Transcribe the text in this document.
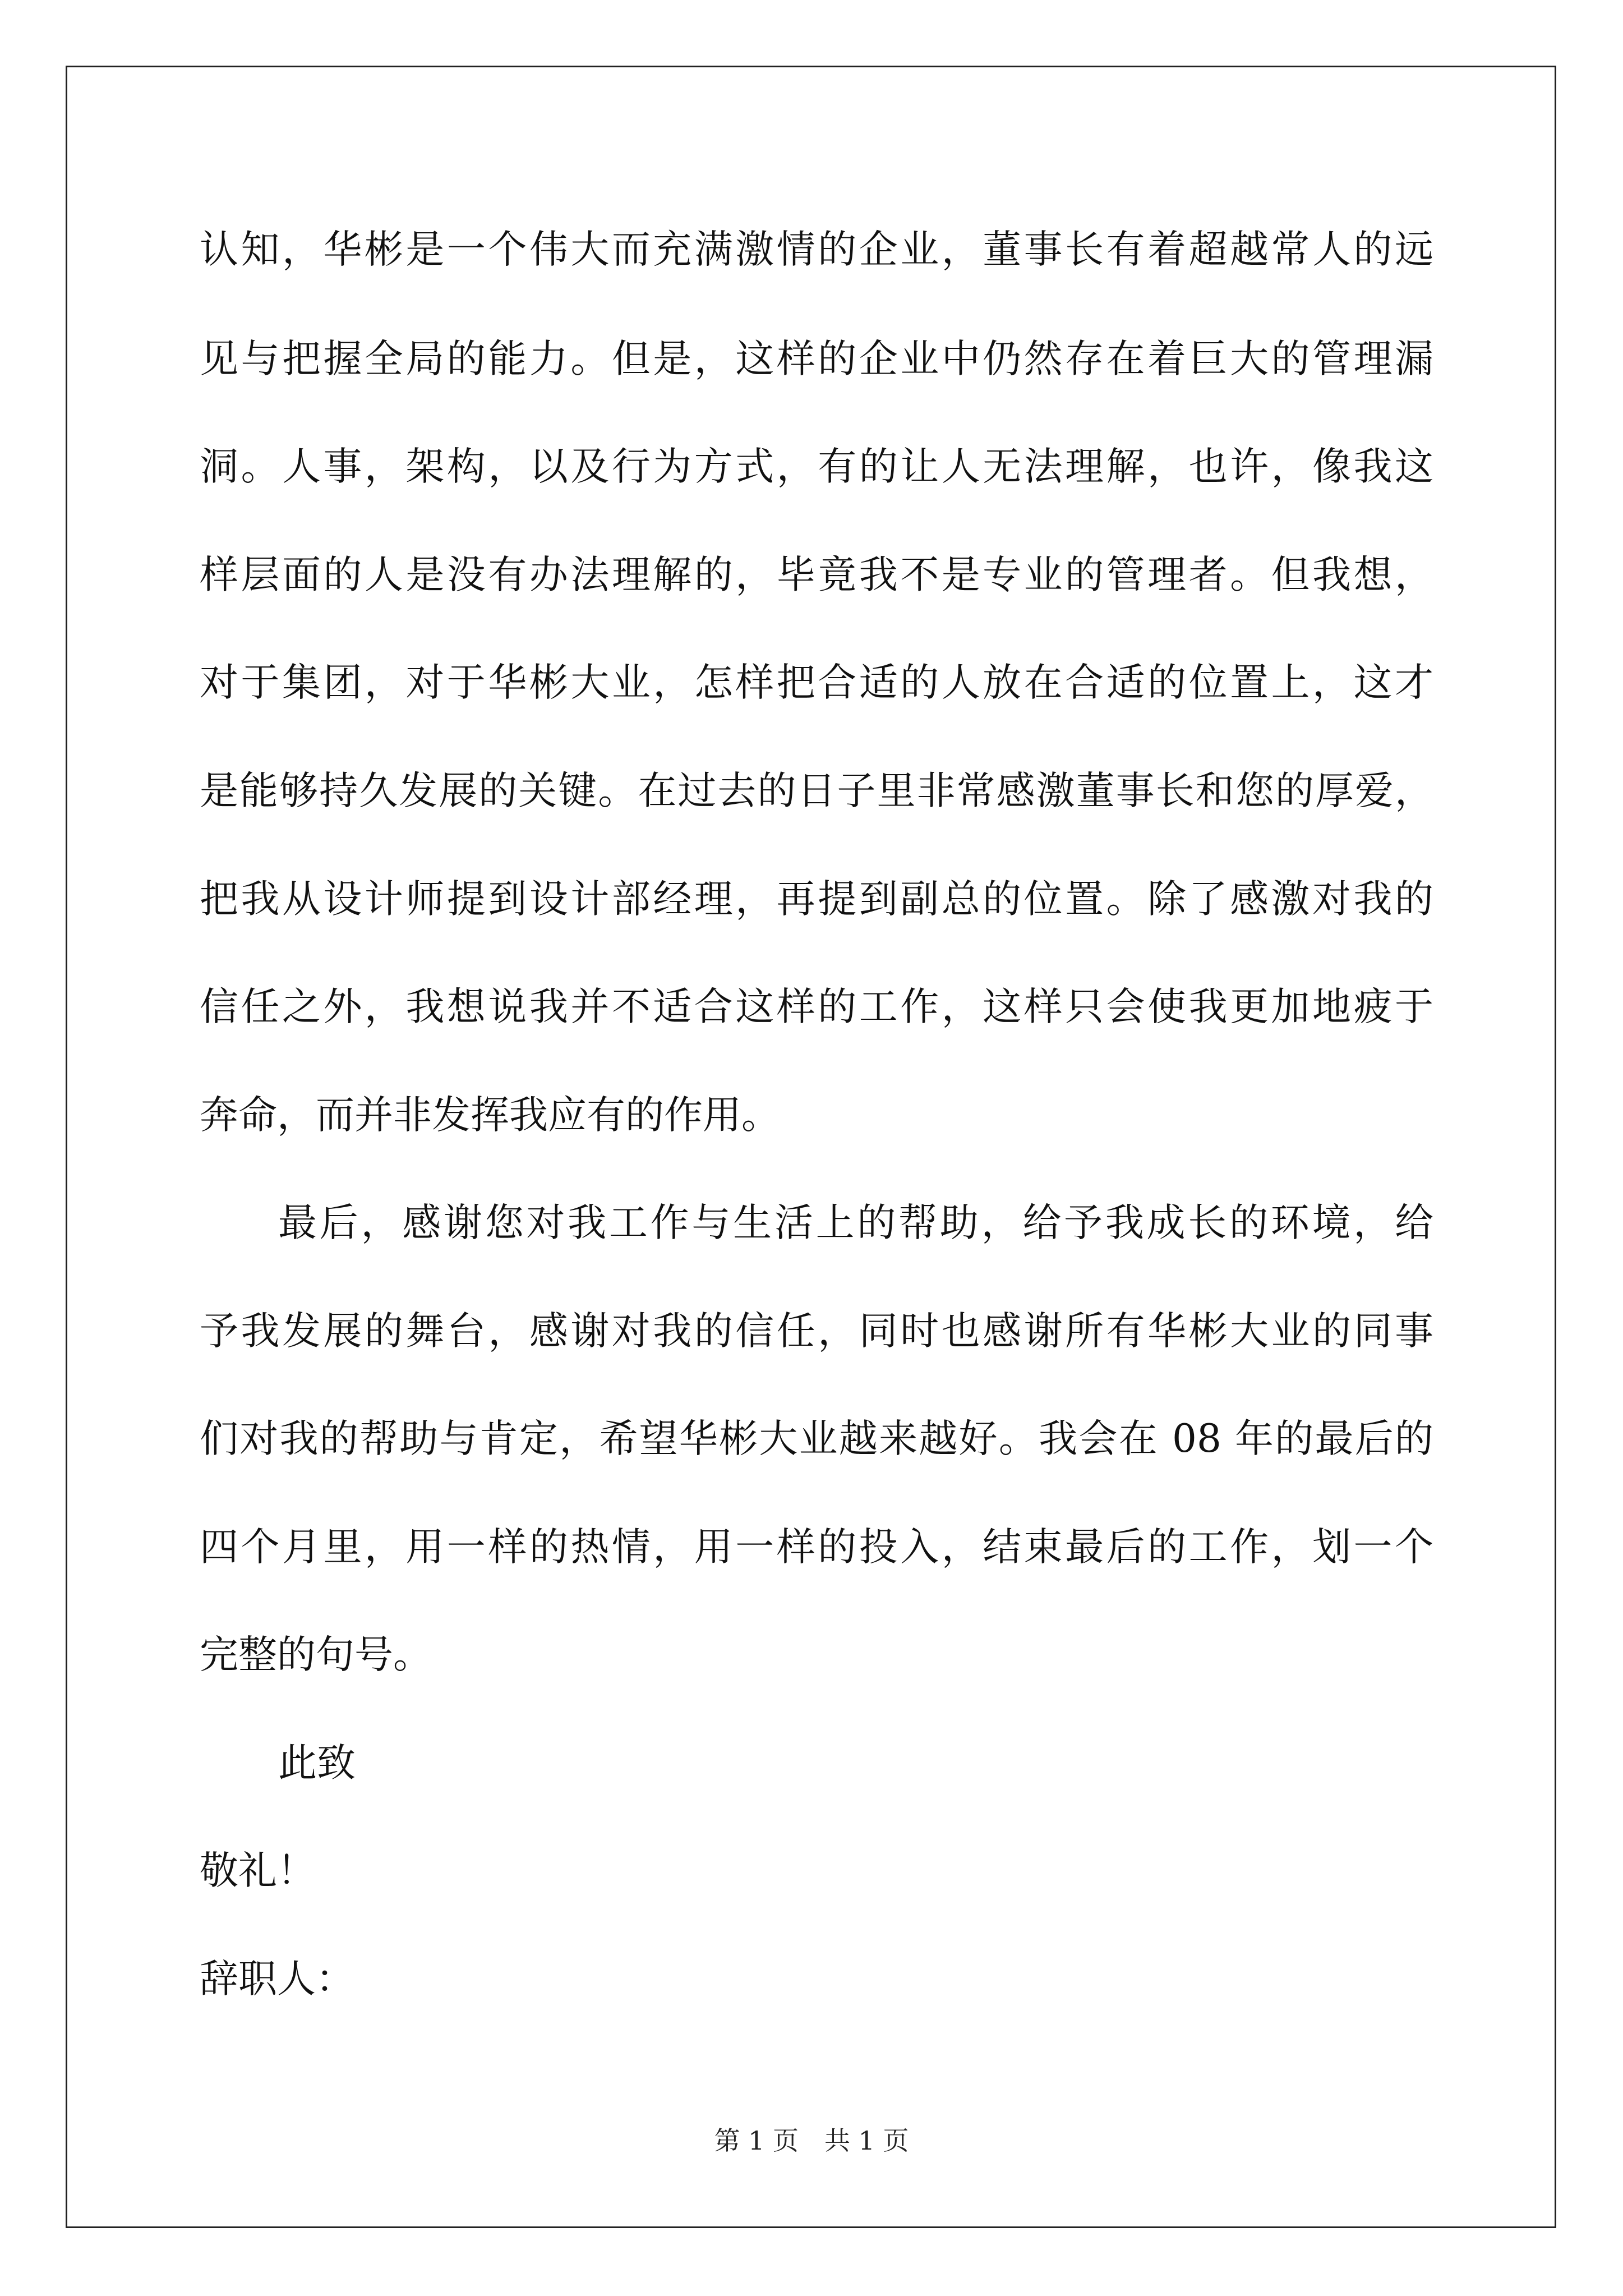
认知，华彬是一个伟大而充满激情的企业，董事长有着超越常人的远
见与把握全局的能力。但是，这样的企业中仍然存在着巨大的管理漏
洞。人事，架构，以及行为方式，有的让人无法理解，也许，像我这
样层面的人是没有办法理解的，毕竟我不是专业的管理者。但我想，
对于集团，对于华彬大业，怎样把合适的人放在合适的位置上，这才
是能够持久发展的关键。在过去的日子里非常感激董事长和您的厚爱，
把我从设计师提到设计部经理，再提到副总的位置。除了感激对我的
信任之外，我想说我并不适合这样的工作，这样只会使我更加地疲于
奔命，而并非发挥我应有的作用。
最后，感谢您对我工作与生活上的帮助，给予我成长的环境，给
予我发展的舞台，感谢对我的信任，同时也感谢所有华彬大业的同事
们对我的帮助与肯定，希望华彬大业越来越好。我会在 08 年的最后的
四个月里，用一样的热情，用一样的投入，结束最后的工作，划一个
完整的句号。
此致
敬礼！
辞职人：
第 1 页　共 1 页
